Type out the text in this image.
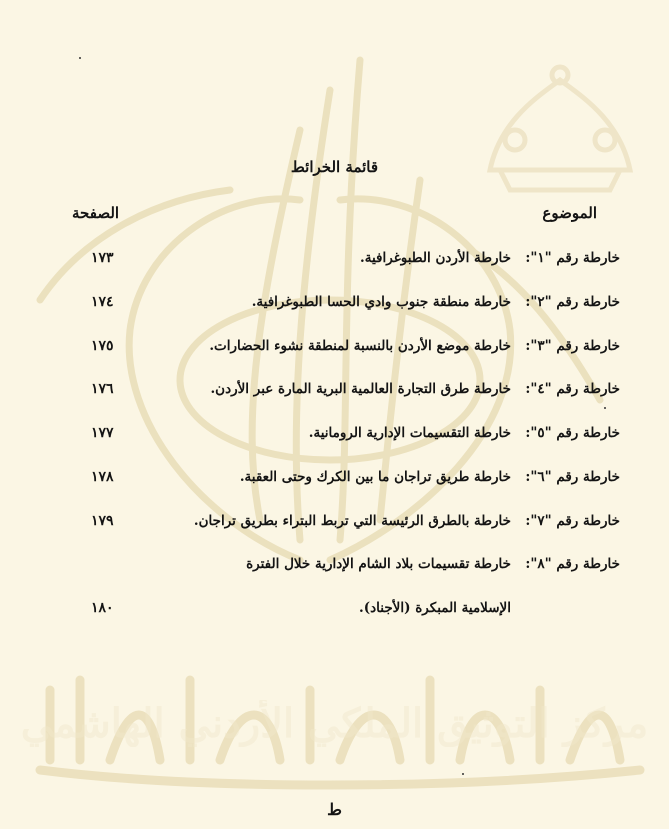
قائمة الخرائط
الموضوع
الصفحة
خارطة رقم "١":
خارطة الأردن الطبوغرافية.
١٧٣
خارطة رقم "٢":
خارطة منطقة جنوب وادي الحسا الطبوغرافية.
١٧٤
خارطة رقم "٣":
خارطة موضع الأردن بالنسبة لمنطقة نشوء الحضارات.
١٧٥
خارطة رقم "٤":
خارطة طرق التجارة العالمية البرية المارة عبر الأردن.
١٧٦
خارطة رقم "٥":
خارطة التقسيمات الإدارية الرومانية.
١٧٧
خارطة رقم "٦":
خارطة طريق تراجان ما بين الكرك وحتى العقبة.
١٧٨
خارطة رقم "٧":
خارطة بالطرق الرئيسة التي تربط البتراء بطريق تراجان.
١٧٩
خارطة رقم "٨":
خارطة تقسيمات بلاد الشام الإدارية خلال الفترة
الإسلامية المبكرة (الأجناد).
١٨٠
ط
مركز التوثيق الملكي الأردني الهاشمي
